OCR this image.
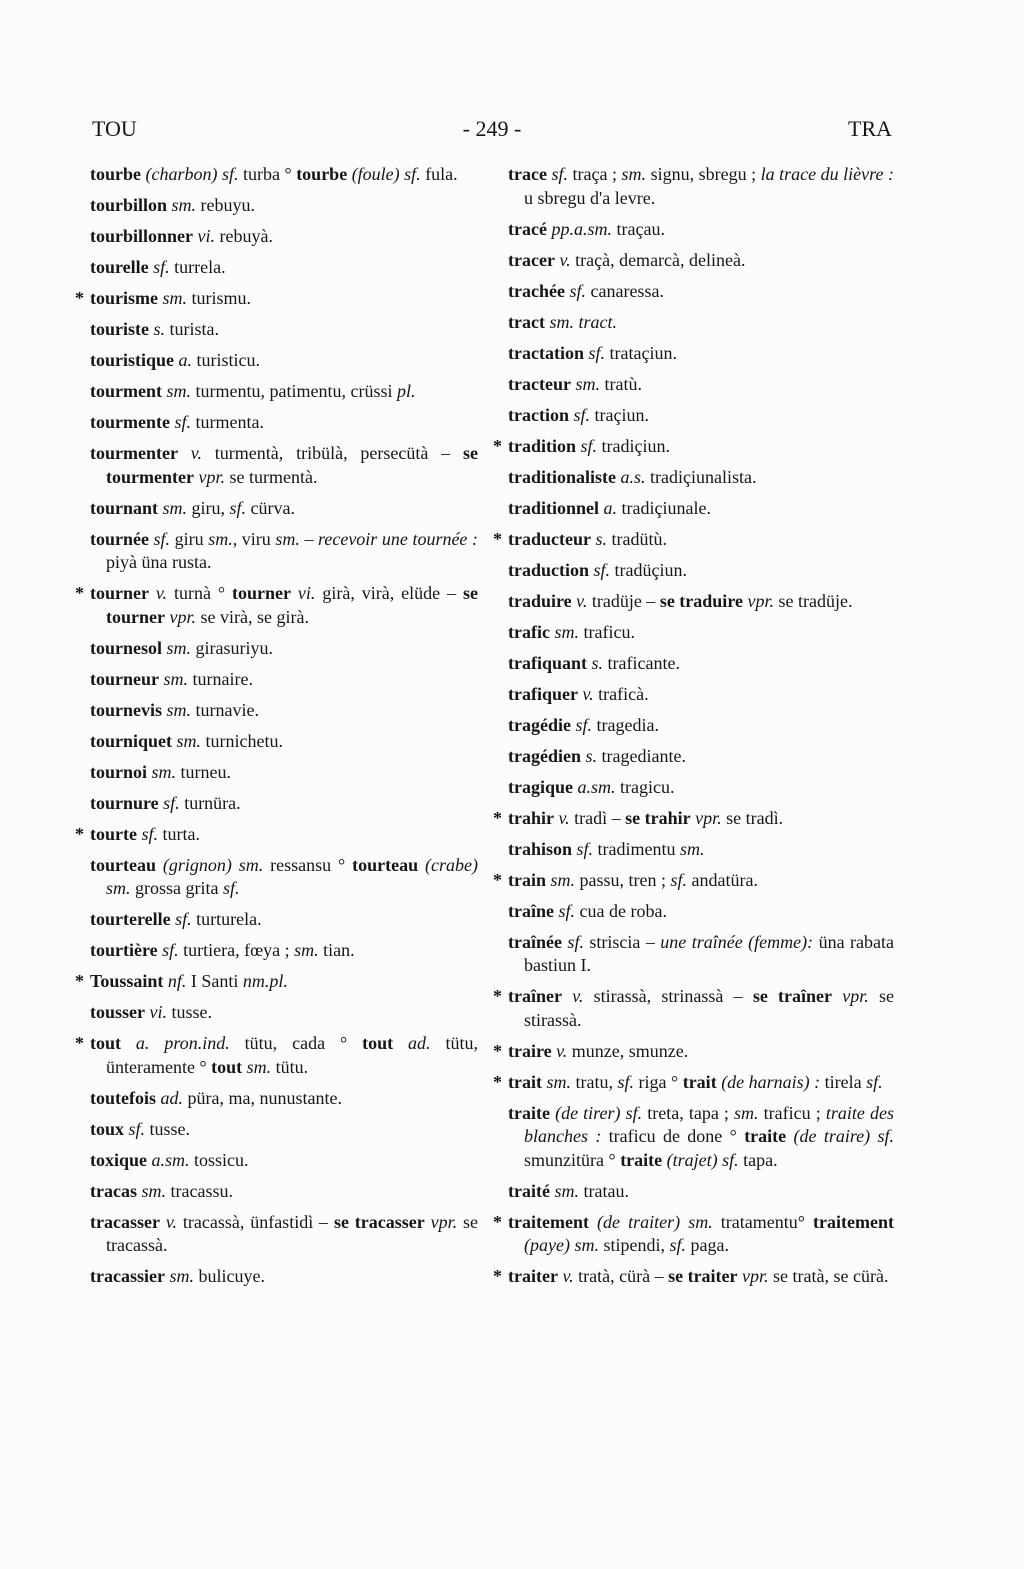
TOU	- 249 -	TRA
tourbe (charbon) sf. turba ° tourbe (foule) sf. fula.
tourbillon sm. rebuyu.
tourbillonner vi. rebuyà.
tourelle sf. turrela.
* tourisme sm. turismu.
touriste s. turista.
touristique a. turisticu.
tourment sm. turmentu, patimentu, crüssi pl.
tourmente sf. turmenta.
tourmenter v. turmentà, tribülà, persecütà – se tourmenter vpr. se turmentà.
tournant sm. giru, sf. cürva.
tournée sf. giru sm., viru sm. – recevoir une tournée : piyà üna rusta.
* tourner v. turnà ° tourner vi. girà, virà, elüde – se tourner vpr. se virà, se girà.
tournesol sm. girasuriyu.
tourneur sm. turnaire.
tournevis sm. turnavie.
tourniquet sm. turnichetu.
tournoi sm. turneu.
tournure sf. turnüra.
* tourte sf. turta.
tourteau (grignon) sm. ressansu ° tourteau (crabe) sm. grossa grita sf.
tourterelle sf. turturela.
tourtière sf. turtiera, fœya ; sm. tian.
* Toussaint nf. I Santi nm.pl.
tousser vi. tusse.
* tout a. pron.ind. tütu, cada ° tout ad. tütu, ünteramente ° tout sm. tütu.
toutefois ad. püra, ma, nunustante.
toux sf. tusse.
toxique a.sm. tossicu.
tracas sm. tracassu.
tracasser v. tracassà, ünfastidì – se tracasser vpr. se tracassà.
tracassier sm. bulicuye.
trace sf. traça ; sm. signu, sbregu ; la trace du lièvre : u sbregu d'a levre.
tracé pp.a.sm. traçau.
tracer v. traçà, demarcà, delineà.
trachée sf. canaressa.
tract sm. tract.
tractation sf. trataçiun.
tracteur sm. tratù.
traction sf. traçiun.
* tradition sf. tradiçiun.
traditionaliste a.s. tradiçiunalista.
traditionnel a. tradiçiunale.
* traducteur s. tradütù.
traduction sf. tradüçiun.
traduire v. tradüje – se traduire vpr. se tradüje.
trafic sm. traficu.
trafiquant s. traficante.
trafiquer v. traficà.
tragédie sf. tragedia.
tragédien s. tragediante.
tragique a.sm. tragicu.
* trahir v. tradì – se trahir vpr. se tradì.
trahison sf. tradimentu sm.
* train sm. passu, tren ; sf. andatüra.
traîne sf. cua de roba.
traînée sf. striscia – une traînée (femme): üna rabata bastiun I.
* traîner v. stirassà, strinassà – se traîner vpr. se stirassà.
* traire v. munze, smunze.
* trait sm. tratu, sf. riga ° trait (de harnais) : tirela sf.
traite (de tirer) sf. treta, tapa ; sm. traficu ; traite des blanches : traficu de done ° traite (de traire) sf. smunzitüra ° traite (trajet) sf. tapa.
traité sm. tratau.
* traitement (de traiter) sm. tratamentu° traitement (paye) sm. stipendi, sf. paga.
* traiter v. tratà, cürà – se traiter vpr. se tratà, se cürà.
